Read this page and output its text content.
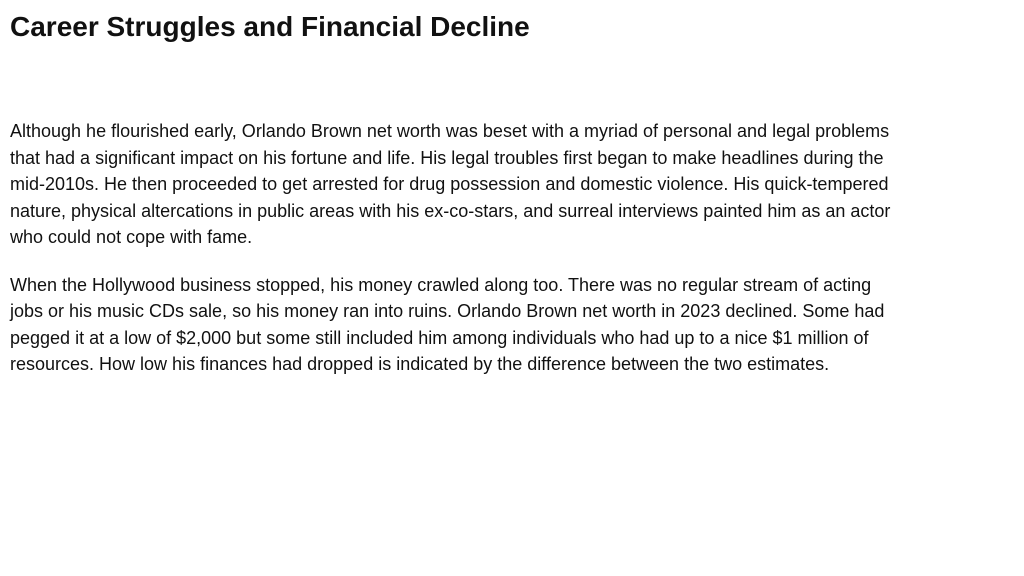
Career Struggles and Financial Decline

Although he flourished early, Orlando Brown net worth was beset with a myriad of personal and legal problems that had a significant impact on his fortune and life. His legal troubles first began to make headlines during the mid-2010s. He then proceeded to get arrested for drug possession and domestic violence. His quick-tempered nature, physical altercations in public areas with his ex-co-stars, and surreal interviews painted him as an actor who could not cope with fame.

When the Hollywood business stopped, his money crawled along too. There was no regular stream of acting jobs or his music CDs sale, so his money ran into ruins. Orlando Brown net worth in 2023 declined. Some had pegged it at a low of $2,000 but some still included him among individuals who had up to a nice $1 million of resources. How low his finances had dropped is indicated by the difference between the two estimates.
